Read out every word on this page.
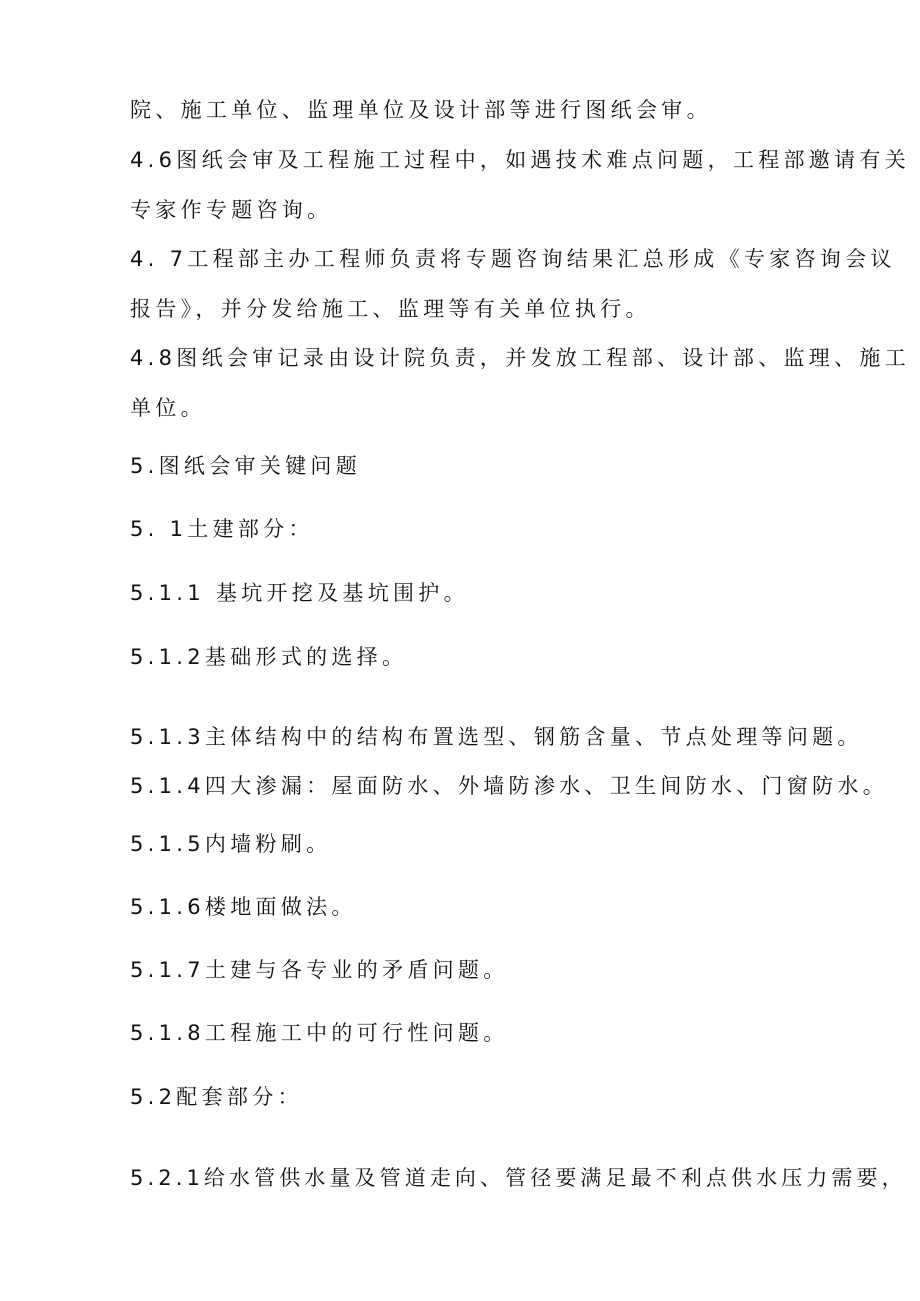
院、施工单位、监理单位及设计部等进行图纸会审。
4.6图纸会审及工程施工过程中，如遇技术难点问题，工程部邀请有关
专家作专题咨询。
4. 7工程部主办工程师负责将专题咨询结果汇总形成《专家咨询会议
报告》，并分发给施工、监理等有关单位执行。
4.8图纸会审记录由设计院负责，并发放工程部、设计部、监理、施工
单位。
5.图纸会审关键问题
5. 1土建部分：
5.1.1 基坑开挖及基坑围护。
5.1.2基础形式的选择。
5.1.3主体结构中的结构布置选型、钢筋含量、节点处理等问题。
5.1.4四大渗漏：屋面防水、外墙防渗水、卫生间防水、门窗防水。
5.1.5内墙粉刷。
5.1.6楼地面做法。
5.1.7土建与各专业的矛盾问题。
5.1.8工程施工中的可行性问题。
5.2配套部分：
5.2.1给水管供水量及管道走向、管径要满足最不利点供水压力需要，
